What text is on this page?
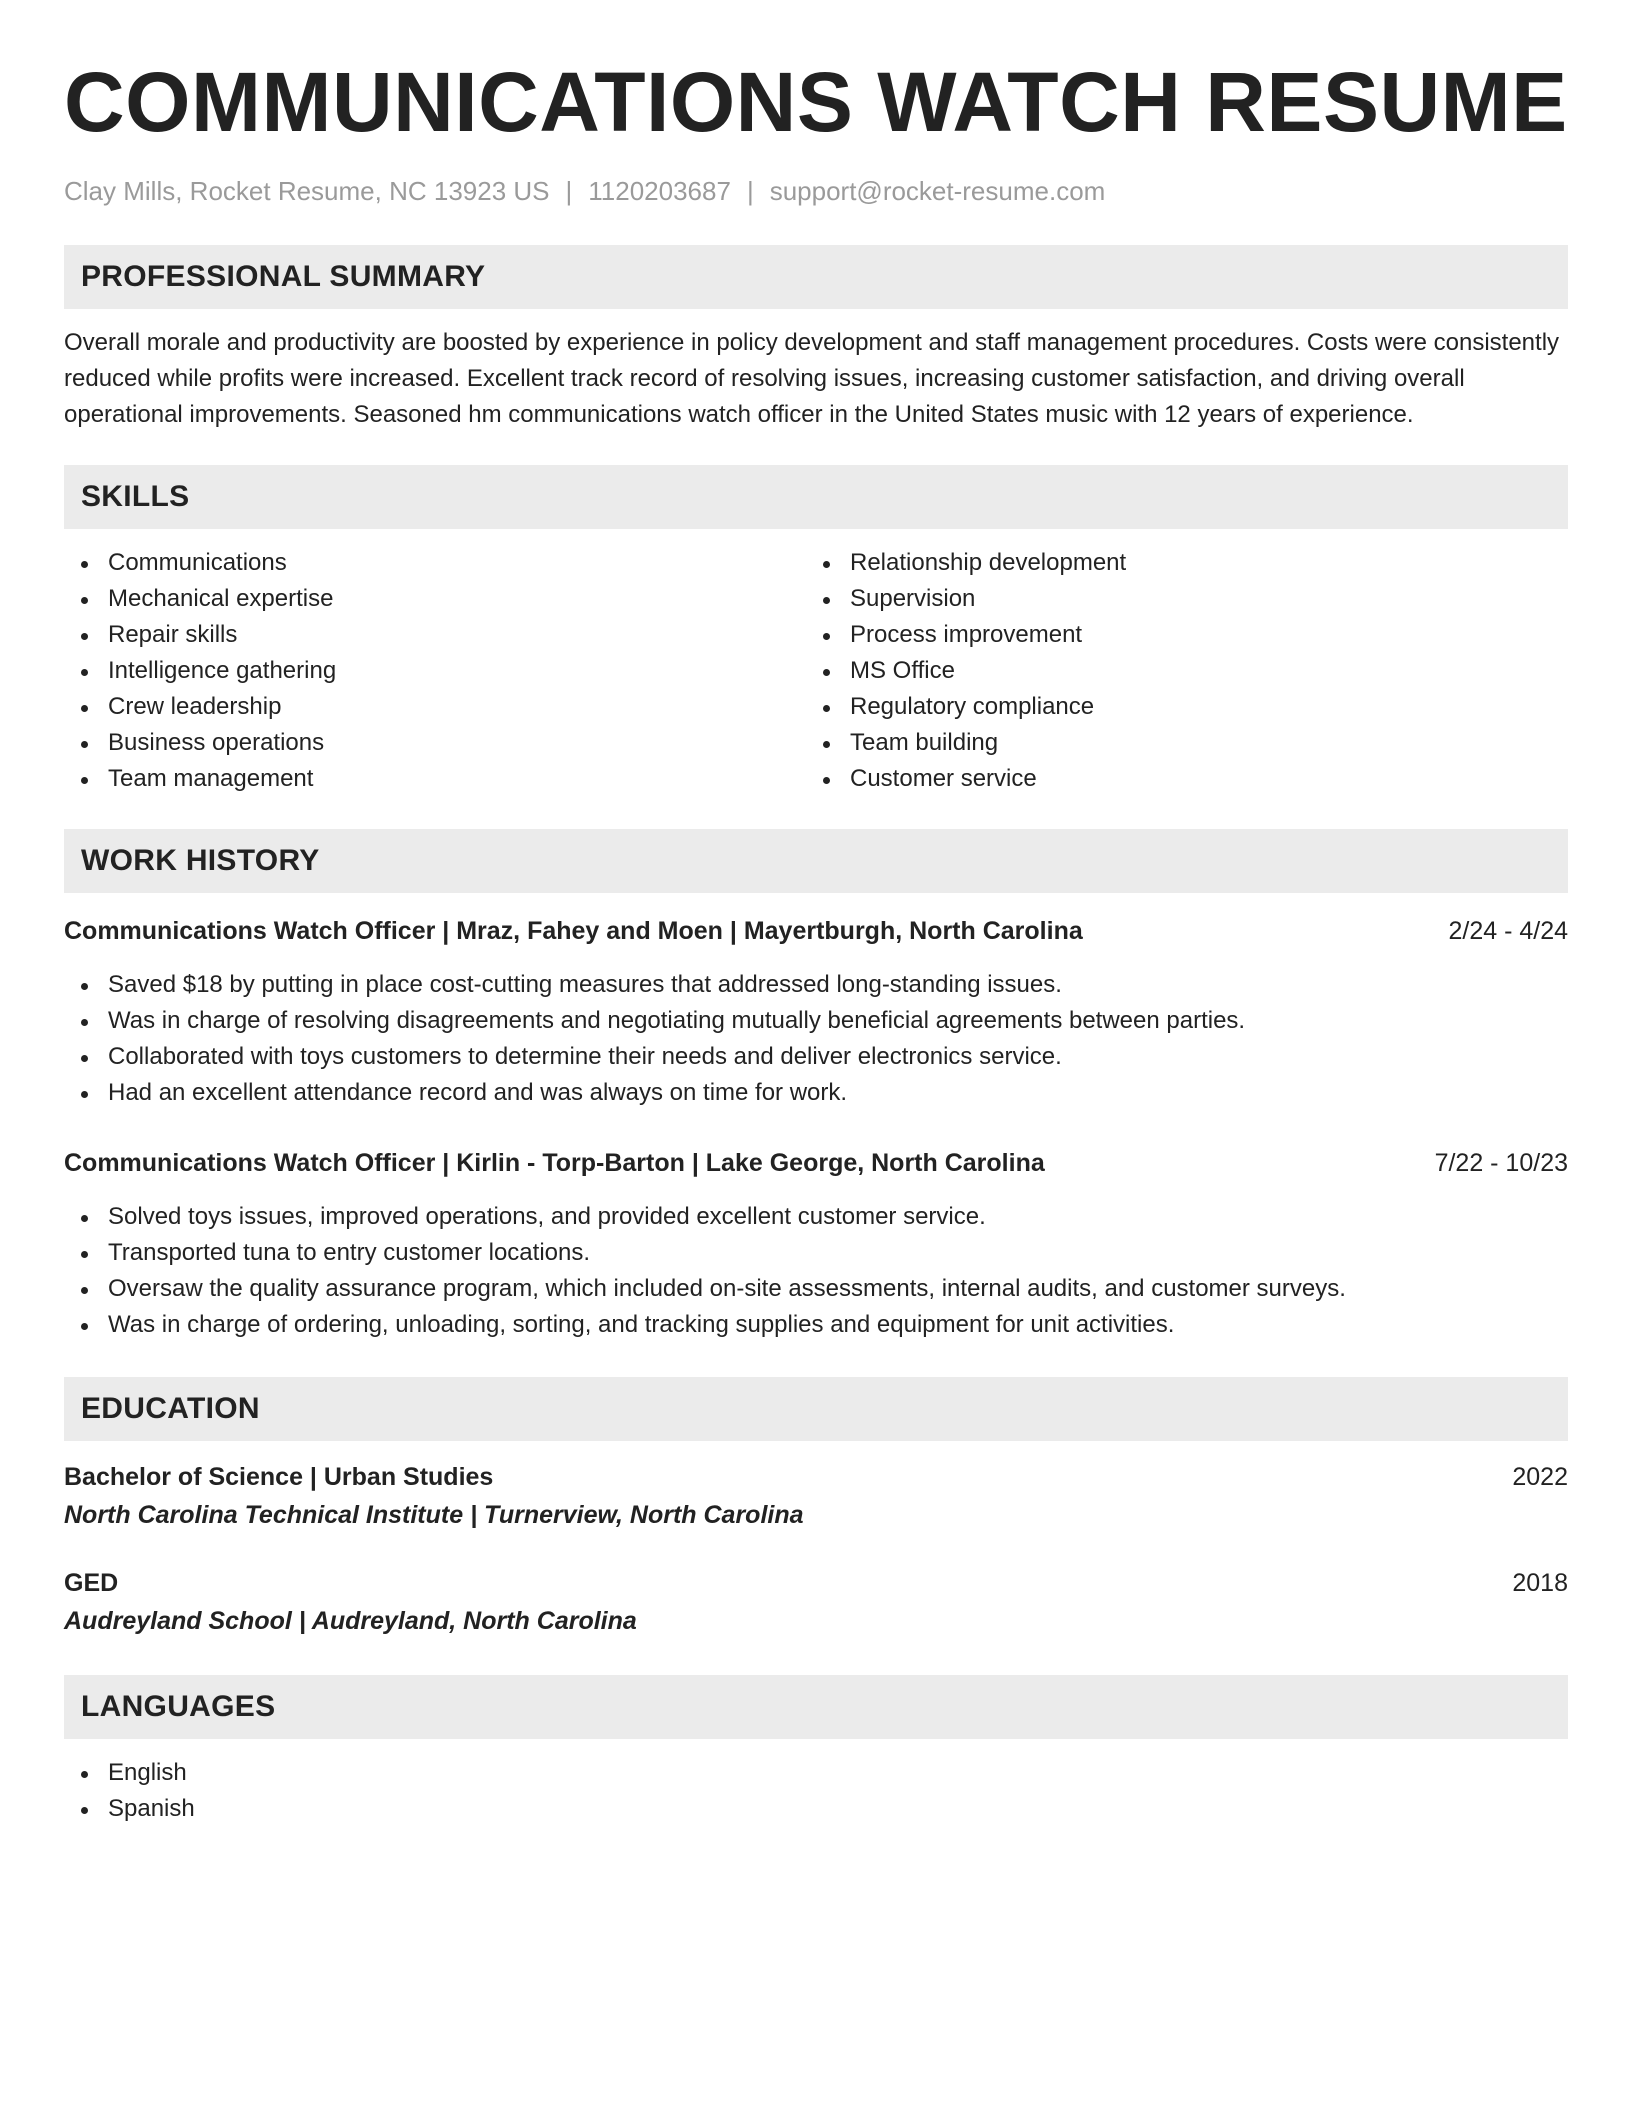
COMMUNICATIONS WATCH RESUME
Clay Mills, Rocket Resume, NC 13923 US | 1120203687 | support@rocket-resume.com
PROFESSIONAL SUMMARY

Overall morale and productivity are boosted by experience in policy development and staff management procedures. Costs were consistently reduced while profits were increased. Excellent track record of resolving issues, increasing customer satisfaction, and driving overall operational improvements. Seasoned hm communications watch officer in the United States music with 12 years of experience.

SKILLS
Communications
Mechanical expertise
Repair skills
Intelligence gathering
Crew leadership
Business operations
Team management
Relationship development
Supervision
Process improvement
MS Office
Regulatory compliance
Team building
Customer service
WORK HISTORY
Communications Watch Officer | Mraz, Fahey and Moen | Mayertburgh, North Carolina	2/24 - 4/24
Saved $18 by putting in place cost-cutting measures that addressed long-standing issues.
Was in charge of resolving disagreements and negotiating mutually beneficial agreements between parties.
Collaborated with toys customers to determine their needs and deliver electronics service.
Had an excellent attendance record and was always on time for work.
Communications Watch Officer | Kirlin - Torp-Barton | Lake George, North Carolina	7/22 - 10/23
Solved toys issues, improved operations, and provided excellent customer service.
Transported tuna to entry customer locations.
Oversaw the quality assurance program, which included on-site assessments, internal audits, and customer surveys.
Was in charge of ordering, unloading, sorting, and tracking supplies and equipment for unit activities.
EDUCATION
Bachelor of Science | Urban Studies	2022
North Carolina Technical Institute | Turnerview, North Carolina
GED	2018
Audreyland School | Audreyland, North Carolina
LANGUAGES
English
Spanish
